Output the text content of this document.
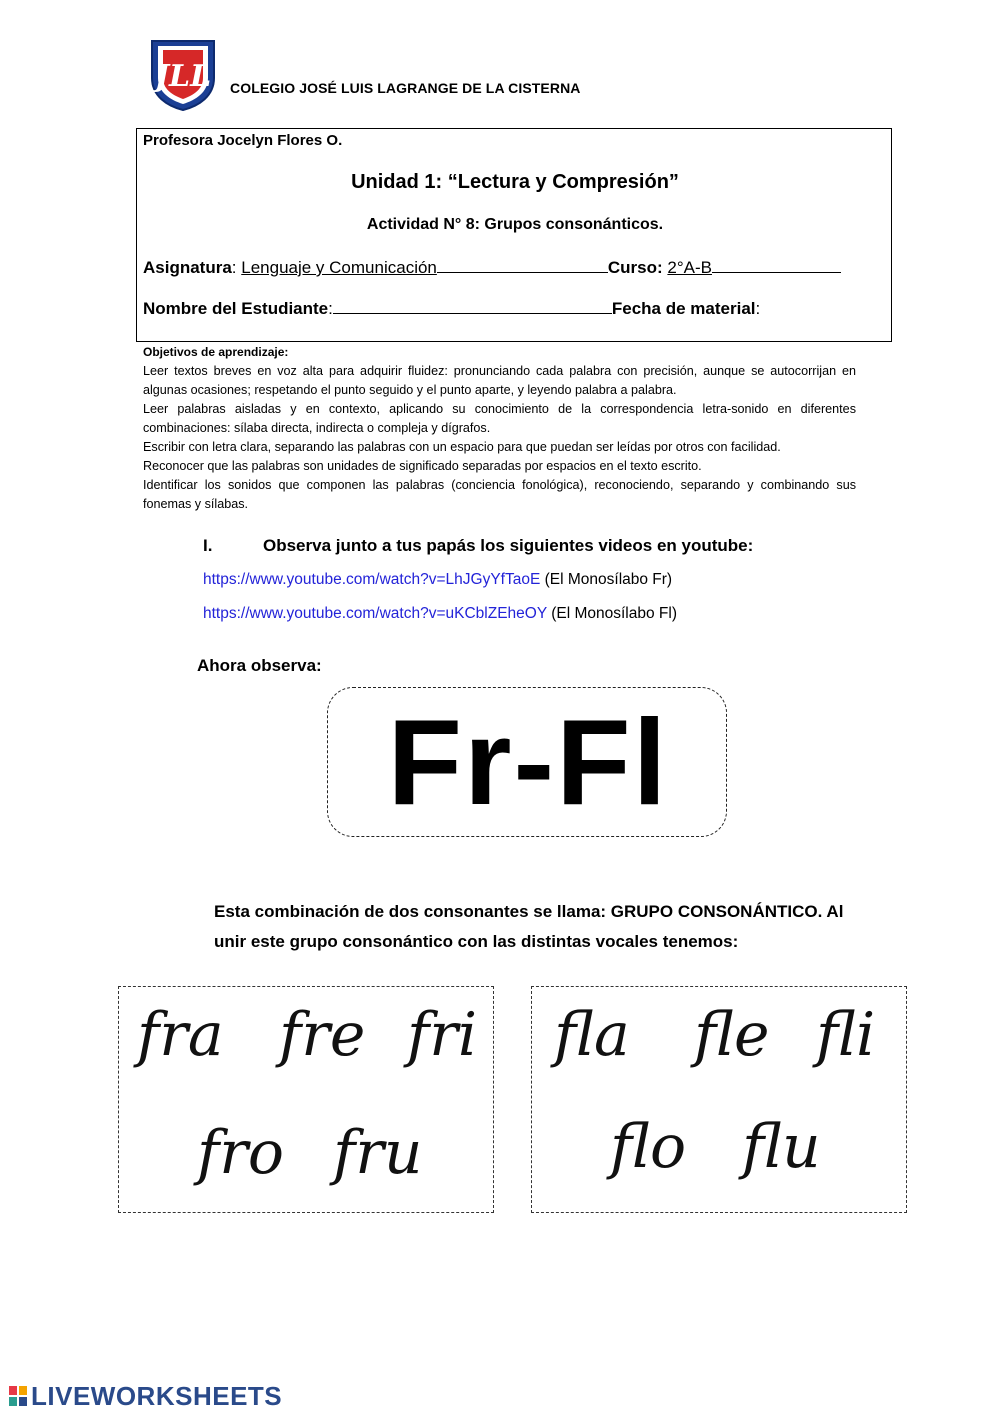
JLL COLEGIO JOSÉ LUIS LAGRANGE DE LA CISTERNA
Profesora Jocelyn Flores O.
Unidad 1: “Lectura y Compresión”
Actividad N° 8: Grupos consonánticos.
Asignatura: Lenguaje y Comunicación	Curso: 2°A-B
Nombre del Estudiante:	Fecha de material:
Objetivos de aprendizaje:
Leer textos breves en voz alta para adquirir fluidez: pronunciando cada palabra con precisión, aunque se autocorrijan en algunas ocasiones; respetando el punto seguido y el punto aparte, y leyendo palabra a palabra.
Leer palabras aisladas y en contexto, aplicando su conocimiento de la correspondencia letra-sonido en diferentes combinaciones: sílaba directa, indirecta o compleja y dígrafos.
Escribir con letra clara, separando las palabras con un espacio para que puedan ser leídas por otros con facilidad.
Reconocer que las palabras son unidades de significado separadas por espacios en el texto escrito.
Identificar los sonidos que componen las palabras (conciencia fonológica), reconociendo, separando y combinando sus fonemas y sílabas.
I.	Observa junto a tus papás los siguientes videos en youtube:
https://www.youtube.com/watch?v=LhJGyYfTaoE (El Monosílabo Fr)
https://www.youtube.com/watch?v=uKCblZEheOY (El Monosílabo Fl)
Ahora observa:
Fr-Fl
Esta combinación de dos consonantes se llama: GRUPO CONSONÁNTICO. Al unir este grupo consonántico con las distintas vocales tenemos:
fra fre fri
fro fru
fla fle fli
flo flu
LIVEWORKSHEETS
